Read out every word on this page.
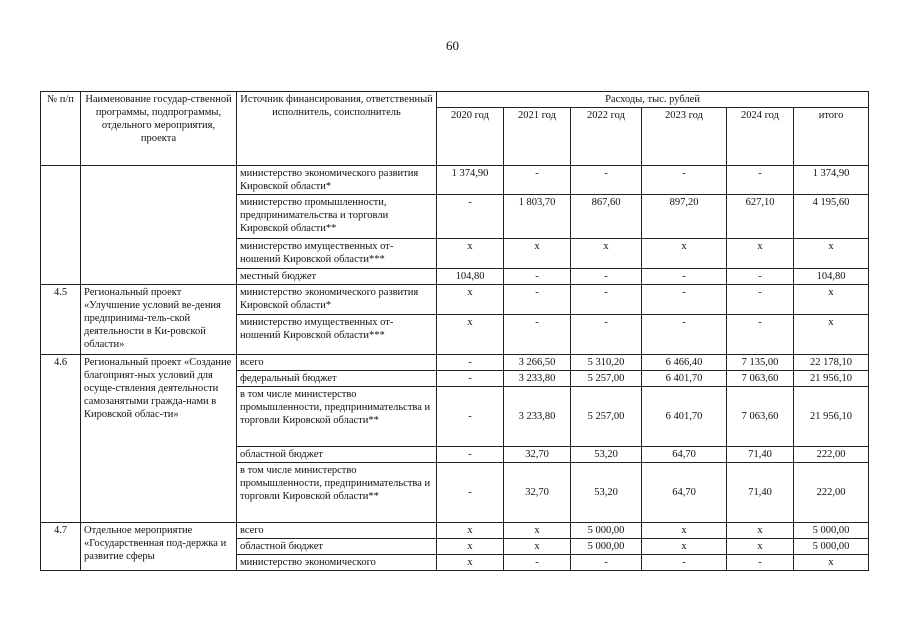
60
№ п/п	Наименование государ-ственной программы, подпрограммы, отдельного мероприятия, проекта	Источник финансирования, ответственный исполнитель, соисполнитель	Расходы, тыс. рублей					
			2020 год	2021 год	2022 год	2023 год	2024 год	итого
		министерство экономического развития Кировской области*	1 374,90	-	-	-	-	1 374,90
		министерство промышленности, предпринимательства и торговли Кировской области**	-	1 803,70	867,60	897,20	627,10	4 195,60
		министерство имущественных от-ношений Кировской области***	x	x	x	x	x	x
		местный бюджет	104,80	-	-	-	-	104,80
4.5	Региональный проект «Улучшение условий ве-дения предпринима-тель-ской деятельности в Ки-ровской области»	министерство экономического развития Кировской области*	x	-	-	-	-	x
		министерство имущественных от-ношений Кировской области***	x	-	-	-	-	x
4.6	Региональный проект «Создание благоприят-ных условий для осуще-ствления деятельности самозанятыми гражда-нами в Кировской облас-ти»	всего	-	3 266,50	5 310,20	6 466,40	7 135,00	22 178,10
		федеральный бюджет	-	3 233,80	5 257,00	6 401,70	7 063,60	21 956,10
		в том числе министерство промышленности, предпринимательства и торговли Кировской области**	-	3 233,80	5 257,00	6 401,70	7 063,60	21 956,10
		областной бюджет	-	32,70	53,20	64,70	71,40	222,00
		в том числе министерство промышленности, предпринимательства и торговли Кировской области**	-	32,70	53,20	64,70	71,40	222,00
4.7	Отдельное мероприятие «Государственная под-держка и развитие сферы	всего	x	x	5 000,00	x	x	5 000,00
		областной бюджет	x	x	5 000,00	x	x	5 000,00
		министерство экономического	x	-	-	-	-	x
